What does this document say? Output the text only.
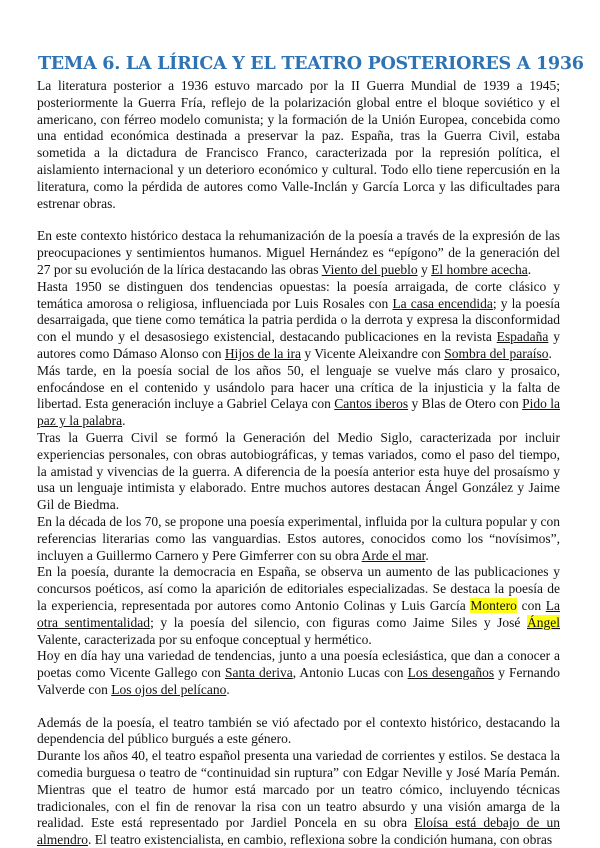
TEMA 6. LA LÍRICA Y EL TEATRO POSTERIORES A 1936

La literatura posterior a 1936 estuvo marcado por la II Guerra Mundial de 1939 a 1945; posteriormente la Guerra Fría, reflejo de la polarización global entre el bloque soviético y el americano, con férreo modelo comunista; y la formación de la Unión Europea, concebida como una entidad económica destinada a preservar la paz. España, tras la Guerra Civil, estaba sometida a la dictadura de Francisco Franco, caracterizada por la represión política, el aislamiento internacional y un deterioro económico y cultural. Todo ello tiene repercusión en la literatura, como la pérdida de autores como Valle-Inclán y García Lorca y las dificultades para estrenar obras.

En este contexto histórico destaca la rehumanización de la poesía a través de la expresión de las preocupaciones y sentimientos humanos. Miguel Hernández es “epígono” de la generación del 27 por su evolución de la lírica destacando las obras Viento del pueblo y El hombre acecha.

Hasta 1950 se distinguen dos tendencias opuestas: la poesía arraigada, de corte clásico y temática amorosa o religiosa, influenciada por Luis Rosales con La casa encendida; y la poesía desarraigada, que tiene como temática la patria perdida o la derrota y expresa la disconformidad con el mundo y el desasosiego existencial, destacando publicaciones en la revista Espadaña y autores como Dámaso Alonso con Hijos de la ira y Vicente Aleixandre con Sombra del paraíso.

Más tarde, en la poesía social de los años 50, el lenguaje se vuelve más claro y prosaico, enfocándose en el contenido y usándolo para hacer una crítica de la injusticia y la falta de libertad. Esta generación incluye a Gabriel Celaya con Cantos iberos y Blas de Otero con Pido la paz y la palabra.

Tras la Guerra Civil se formó la Generación del Medio Siglo, caracterizada por incluir experiencias personales, con obras autobiográficas, y temas variados, como el paso del tiempo, la amistad y vivencias de la guerra. A diferencia de la poesía anterior esta huye del prosaísmo y usa un lenguaje intimista y elaborado. Entre muchos autores destacan Ángel González y Jaime Gil de Biedma.

En la década de los 70, se propone una poesía experimental, influida por la cultura popular y con referencias literarias como las vanguardias. Estos autores, conocidos como los “novísimos”, incluyen a Guillermo Carnero y Pere Gimferrer con su obra Arde el mar.

En la poesía, durante la democracia en España, se observa un aumento de las publicaciones y concursos poéticos, así como la aparición de editoriales especializadas. Se destaca la poesía de la experiencia, representada por autores como Antonio Colinas y Luis García Montero con La otra sentimentalidad; y la poesía del silencio, con figuras como Jaime Siles y José Ángel Valente, caracterizada por su enfoque conceptual y hermético.

Hoy en día hay una variedad de tendencias, junto a una poesía eclesiástica, que dan a conocer a poetas como Vicente Gallego con Santa deriva, Antonio Lucas con Los desengaños y Fernando Valverde con Los ojos del pelícano.

Además de la poesía, el teatro también se vió afectado por el contexto histórico, destacando la dependencia del público burgués a este género.

Durante los años 40, el teatro español presenta una variedad de corrientes y estilos. Se destaca la comedia burguesa o teatro de “continuidad sin ruptura” con Edgar Neville y José María Pemán. Mientras que el teatro de humor está marcado por un teatro cómico, incluyendo técnicas tradicionales, con el fin de renovar la risa con un teatro absurdo y una visión amarga de la realidad. Este está representado por Jardiel Poncela en su obra Eloísa está debajo de un almendro. El teatro existencialista, en cambio, reflexiona sobre la condición humana, con obras
